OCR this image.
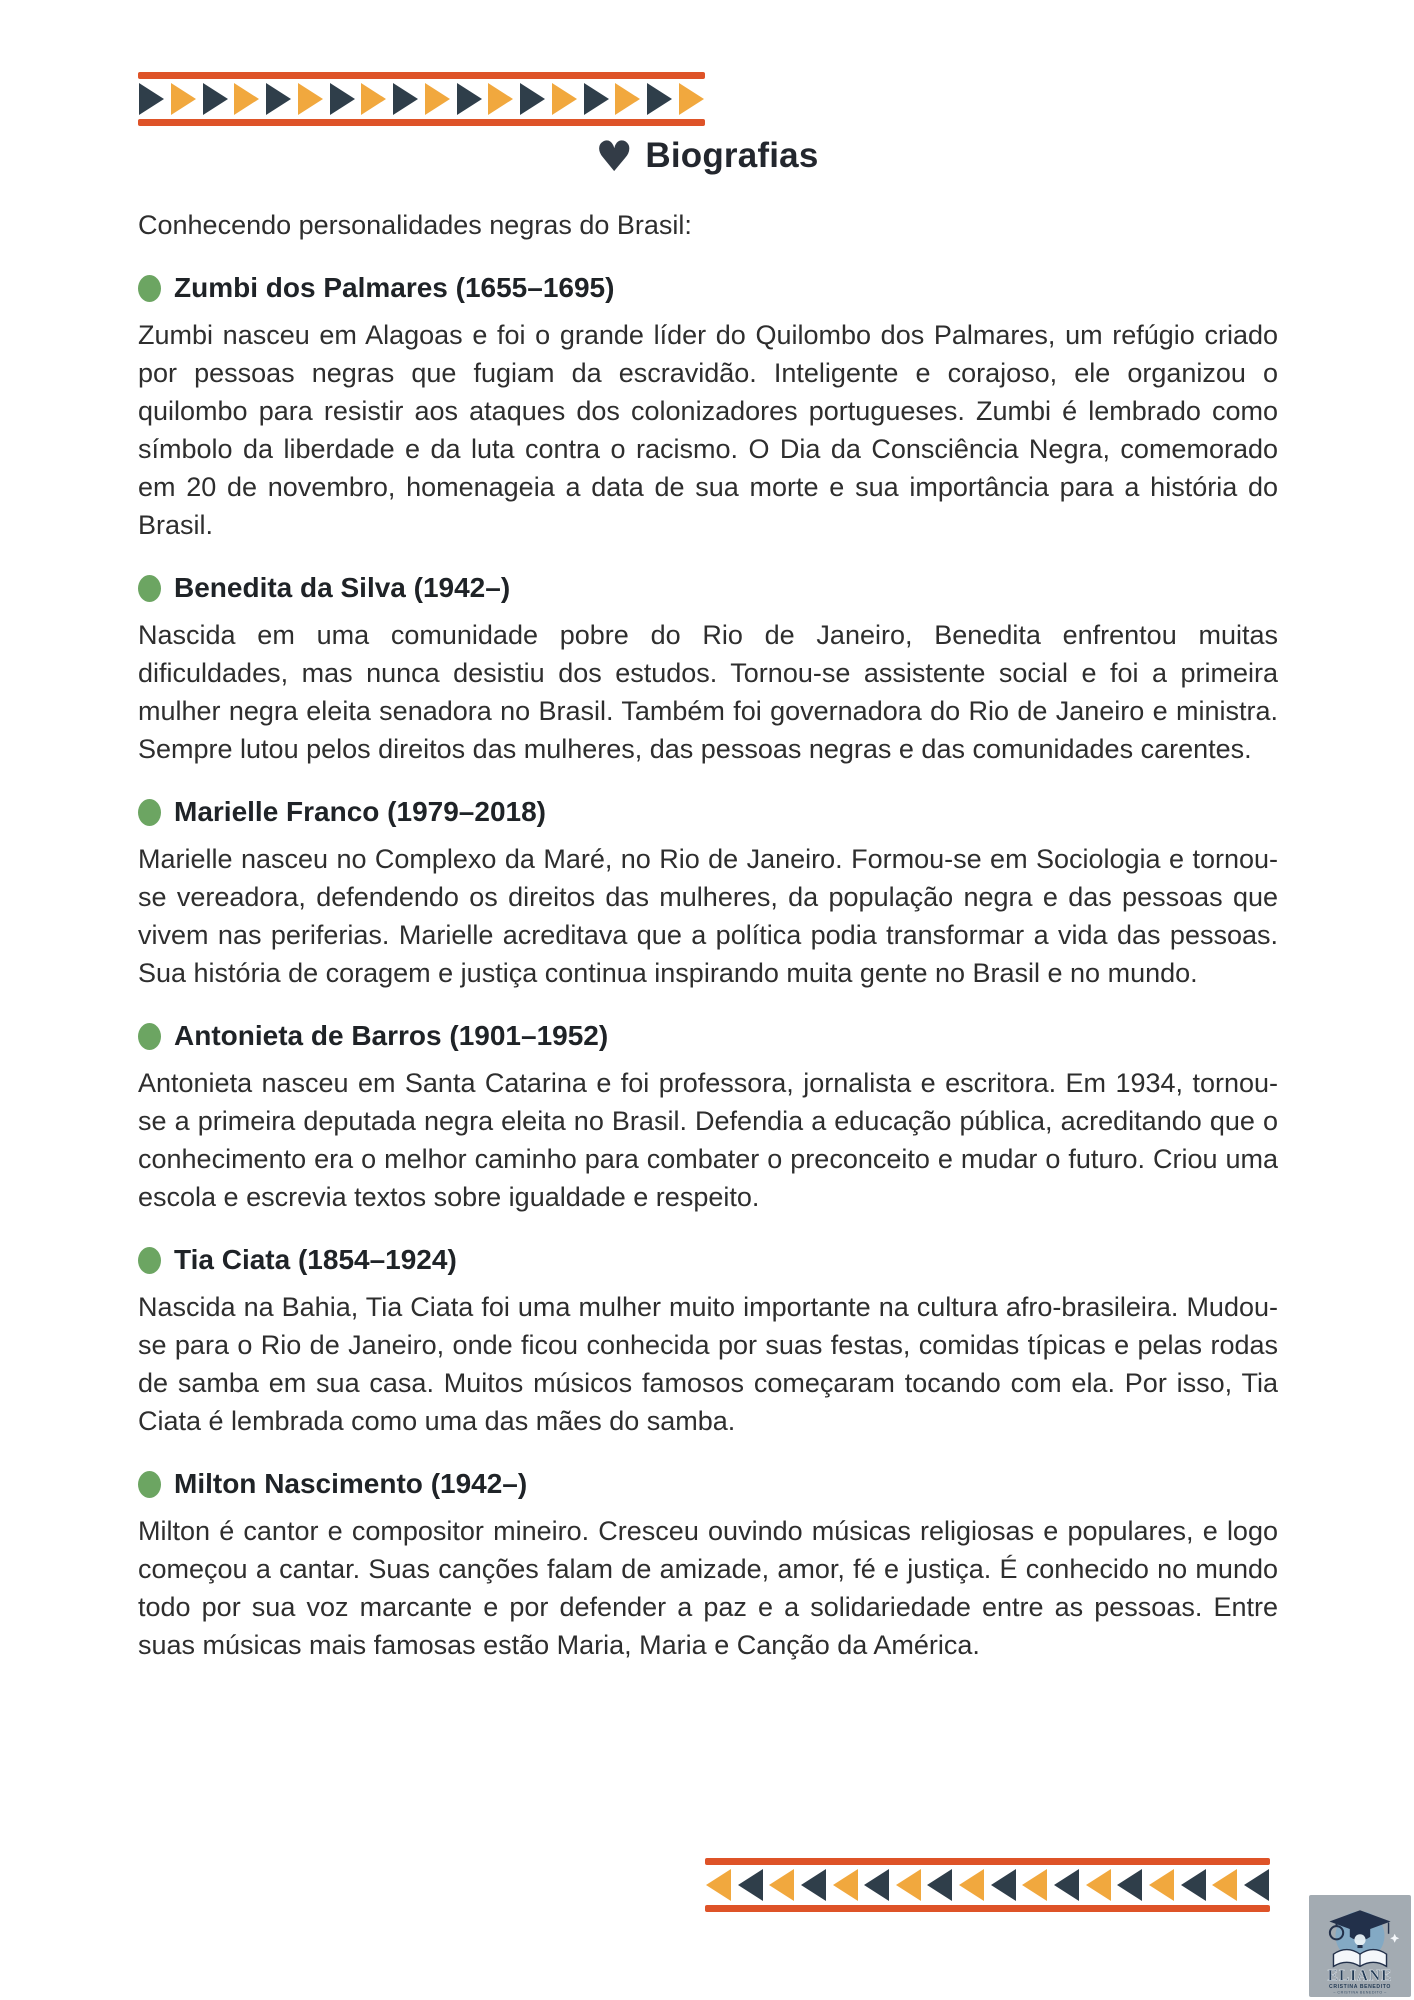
♥ Biografias

Conhecendo personalidades negras do Brasil:

Zumbi dos Palmares (1655–1695)

Zumbi nasceu em Alagoas e foi o grande líder do Quilombo dos Palmares, um refúgio criado por pessoas negras que fugiam da escravidão. Inteligente e corajoso, ele organizou o quilombo para resistir aos ataques dos colonizadores portugueses. Zumbi é lembrado como símbolo da liberdade e da luta contra o racismo. O Dia da Consciência Negra, comemorado em 20 de novembro, homenageia a data de sua morte e sua importância para a história do Brasil.

Benedita da Silva (1942–)

Nascida em uma comunidade pobre do Rio de Janeiro, Benedita enfrentou muitas dificuldades, mas nunca desistiu dos estudos. Tornou-se assistente social e foi a primeira mulher negra eleita senadora no Brasil. Também foi governadora do Rio de Janeiro e ministra. Sempre lutou pelos direitos das mulheres, das pessoas negras e das comunidades carentes.

Marielle Franco (1979–2018)

Marielle nasceu no Complexo da Maré, no Rio de Janeiro. Formou-se em Sociologia e tornou-se vereadora, defendendo os direitos das mulheres, da população negra e das pessoas que vivem nas periferias. Marielle acreditava que a política podia transformar a vida das pessoas. Sua história de coragem e justiça continua inspirando muita gente no Brasil e no mundo.

Antonieta de Barros (1901–1952)

Antonieta nasceu em Santa Catarina e foi professora, jornalista e escritora. Em 1934, tornou-se a primeira deputada negra eleita no Brasil. Defendia a educação pública, acreditando que o conhecimento era o melhor caminho para combater o preconceito e mudar o futuro. Criou uma escola e escrevia textos sobre igualdade e respeito.

Tia Ciata (1854–1924)

Nascida na Bahia, Tia Ciata foi uma mulher muito importante na cultura afro-brasileira. Mudou-se para o Rio de Janeiro, onde ficou conhecida por suas festas, comidas típicas e pelas rodas de samba em sua casa. Muitos músicos famosos começaram tocando com ela. Por isso, Tia Ciata é lembrada como uma das mães do samba.

Milton Nascimento (1942–)

Milton é cantor e compositor mineiro. Cresceu ouvindo músicas religiosas e populares, e logo começou a cantar. Suas canções falam de amizade, amor, fé e justiça. É conhecido no mundo todo por sua voz marcante e por defender a paz e a solidariedade entre as pessoas. Entre suas músicas mais famosas estão Maria, Maria e Canção da América.

ELIANE
CRISTINA BENEDITO
– CRISTINA BENEDITO –
